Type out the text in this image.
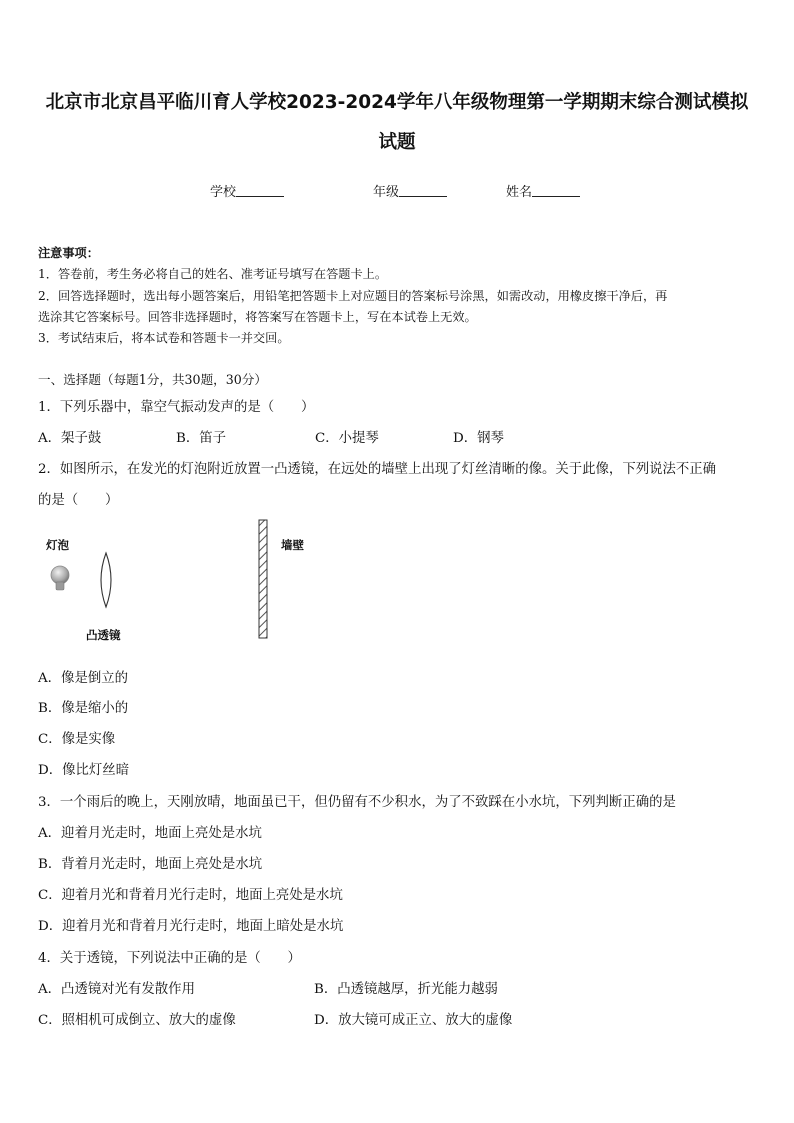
北京市北京昌平临川育人学校2023-2024学年八年级物理第一学期期末综合测试模拟
试题
学校	年级	姓名
注意事项：
1．答卷前，考生务必将自己的姓名、准考证号填写在答题卡上。
2．回答选择题时，选出每小题答案后，用铅笔把答题卡上对应题目的答案标号涂黑，如需改动，用橡皮擦干净后，再
选涂其它答案标号。回答非选择题时，将答案写在答题卡上，写在本试卷上无效。
3．考试结束后，将本试卷和答题卡一并交回。
一、选择题（每题1分，共30题，30分）
1．下列乐器中，靠空气振动发声的是（　　）
A．架子鼓	B．笛子	C．小提琴	D．钢琴
2．如图所示，在发光的灯泡附近放置一凸透镜，在远处的墙壁上出现了灯丝清晰的像。关于此像，下列说法不正确
的是（　　）
灯泡
凸透镜
墙壁
A．像是倒立的
B．像是缩小的
C．像是实像
D．像比灯丝暗
3．一个雨后的晚上，天刚放晴，地面虽已干，但仍留有不少积水，为了不致踩在小水坑，下列判断正确的是
A．迎着月光走时，地面上亮处是水坑
B．背着月光走时，地面上亮处是水坑
C．迎着月光和背着月光行走时，地面上亮处是水坑
D．迎着月光和背着月光行走时，地面上暗处是水坑
4．关于透镜，下列说法中正确的是（　　）
A．凸透镜对光有发散作用	B．凸透镜越厚，折光能力越弱
C．照相机可成倒立、放大的虚像	D．放大镜可成正立、放大的虚像
